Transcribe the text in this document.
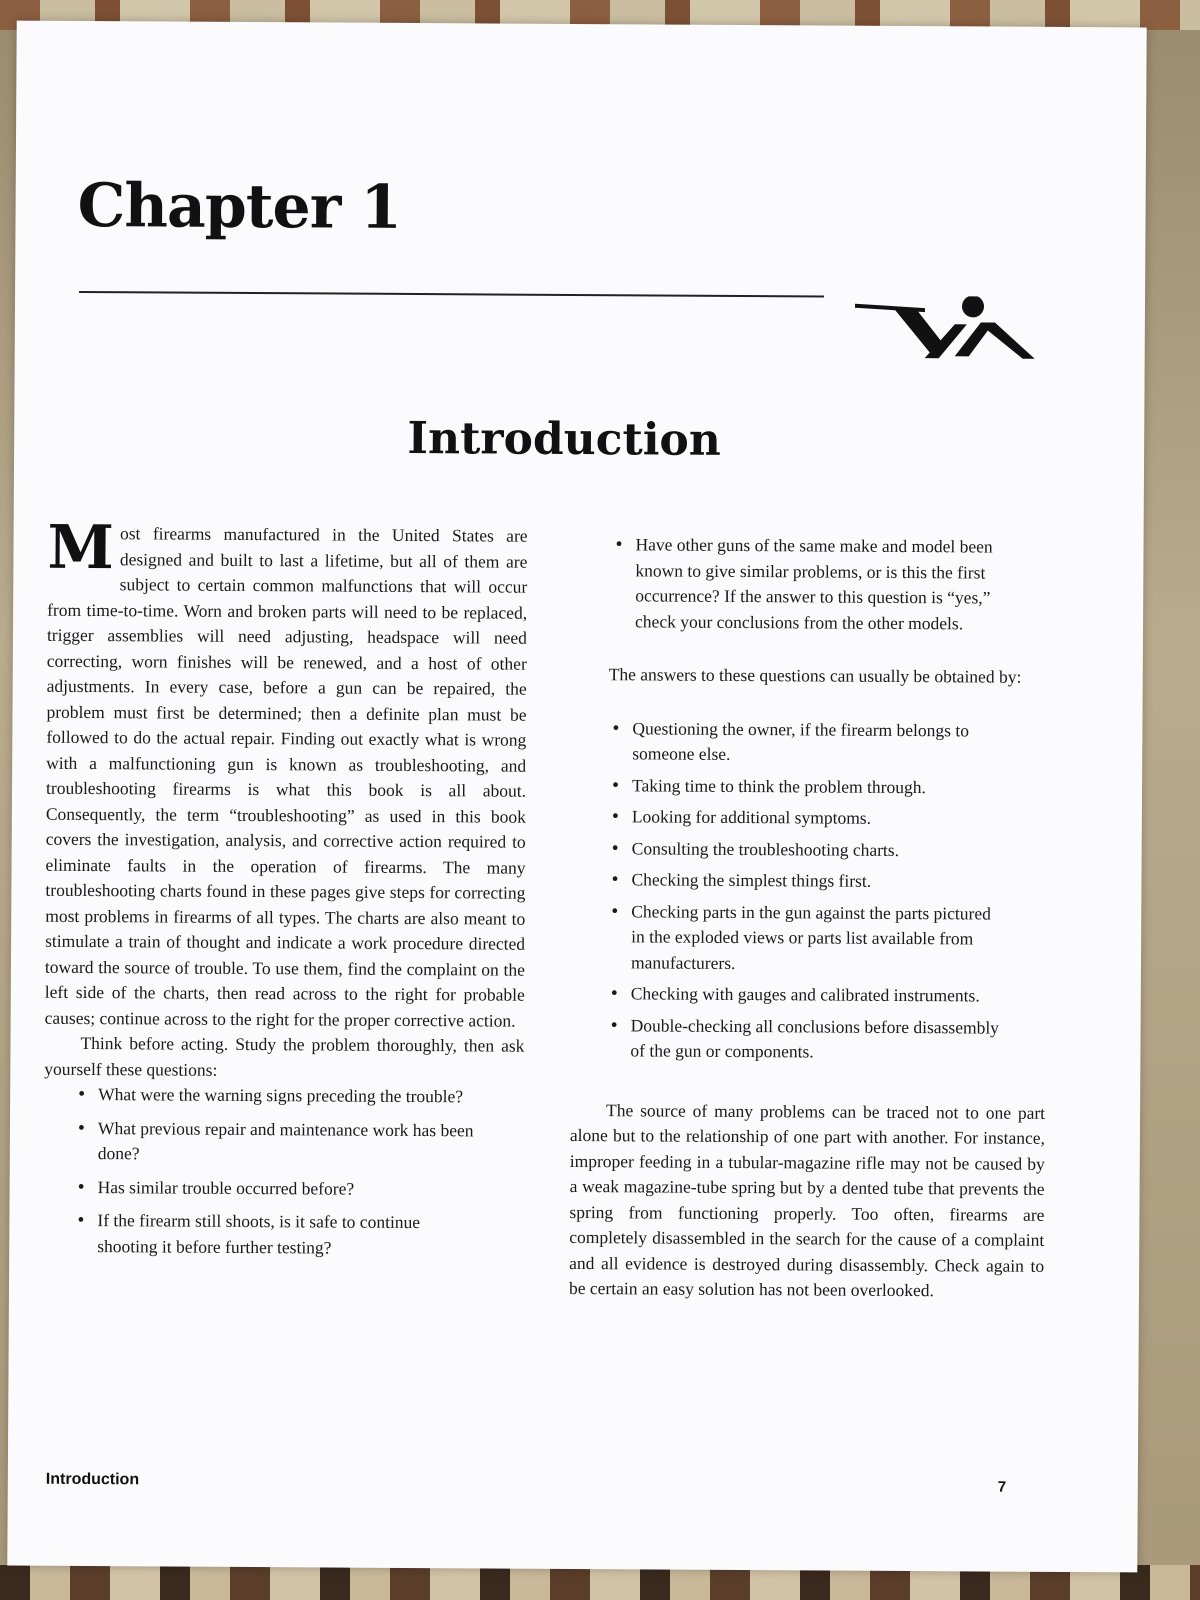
Chapter 1
Introduction

Most firearms manufactured in the United States are designed and built to last a lifetime, but all of them are subject to certain common malfunctions that will occur from time-to-time. Worn and broken parts will need to be replaced, trigger assemblies will need adjusting, headspace will need correcting, worn finishes will be renewed, and a host of other adjustments. In every case, before a gun can be repaired, the problem must first be determined; then a definite plan must be followed to do the actual repair. Finding out exactly what is wrong with a malfunctioning gun is known as troubleshooting, and troubleshooting firearms is what this book is all about. Consequently, the term “troubleshooting” as used in this book covers the investigation, analysis, and corrective action required to eliminate faults in the operation of firearms. The many troubleshooting charts found in these pages give steps for correcting most problems in firearms of all types. The charts are also meant to stimulate a train of thought and indicate a work procedure directed toward the source of trouble. To use them, find the complaint on the left side of the charts, then read across to the right for probable causes; continue across to the right for the proper corrective action.

Think before acting. Study the problem thoroughly, then ask yourself these questions:

• What were the warning signs preceding the trouble?
• What previous repair and maintenance work has been done?
• Has similar trouble occurred before?
• If the firearm still shoots, is it safe to continue shooting it before further testing?
• Have other guns of the same make and model been known to give similar problems, or is this the first occurrence? If the answer to this question is “yes,” check your conclusions from the other models.

The answers to these questions can usually be obtained by:

• Questioning the owner, if the firearm belongs to someone else.
• Taking time to think the problem through.
• Looking for additional symptoms.
• Consulting the troubleshooting charts.
• Checking the simplest things first.
• Checking parts in the gun against the parts pictured in the exploded views or parts list available from manufacturers.
• Checking with gauges and calibrated instruments.
• Double-checking all conclusions before disassembly of the gun or components.

The source of many problems can be traced not to one part alone but to the relationship of one part with another. For instance, improper feeding in a tubular-magazine rifle may not be caused by a weak magazine-tube spring but by a dented tube that prevents the spring from functioning properly. Too often, firearms are completely disassembled in the search for the cause of a complaint and all evidence is destroyed during disassembly. Check again to be certain an easy solution has not been overlooked.

Introduction	7
